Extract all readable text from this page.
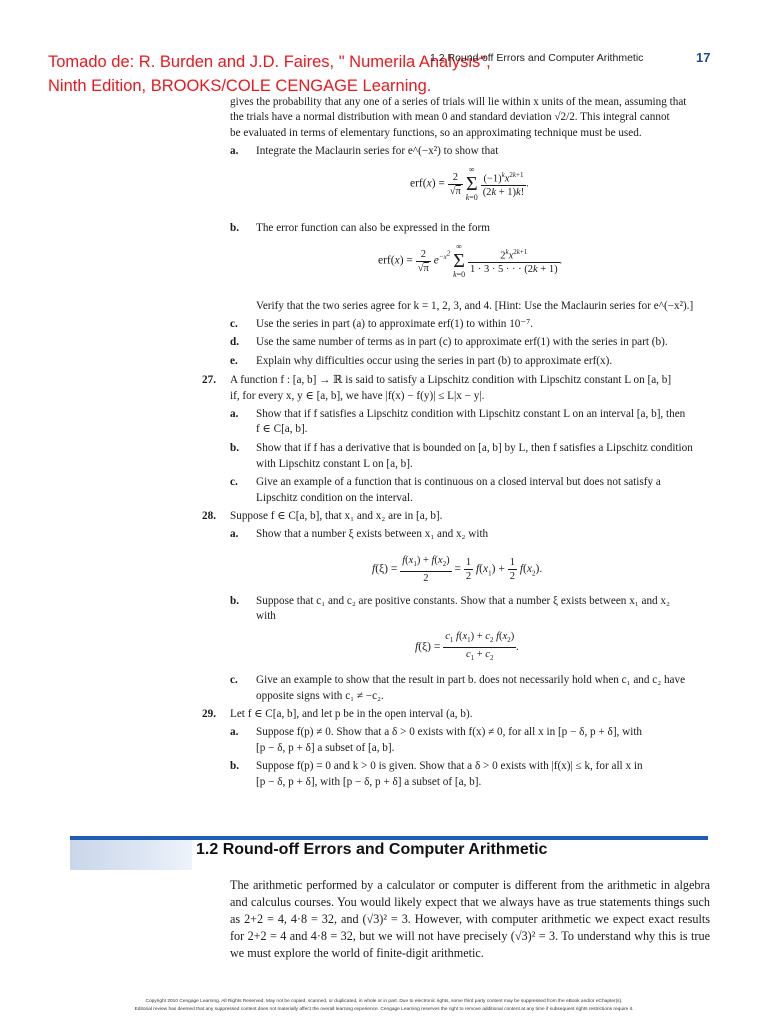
Tomado de: R. Burden and J.D. Faires, " Numerila Analysis",
Ninth Edition, BROOKS/COLE CENGAGE Learning.
1.2 Round-off Errors and Computer Arithmetic	17
gives the probability that any one of a series of trials will lie within x units of the mean, assuming that
the trials have a normal distribution with mean 0 and standard deviation √2/2. This integral cannot
be evaluated in terms of elementary functions, so an approximating technique must be used.
a. Integrate the Maclaurin series for e^(−x²) to show that
$erf(x) = \frac{2}{√\pi}$
∞
Σ
$k=0 \frac{(-1)^kx^{2k+1}}{(2k + 1)k!}$ .
b. The error function can also be expressed in the form
$erf(x) = \frac{2}{√\pi} e^{-x^2}$ ∞
Σ
$k=0 \frac{2^kx^{2k+1}}{1 \cdot 3 \cdot 5 \cdot \cdot \cdot (2k + 1)}$ .
Verify that the two series agree for k = 1, 2, 3, and 4. [Hint: Use the Maclaurin series for e^(−x²).]
c. Use the series in part (a) to approximate erf(1) to within 10⁻⁷.
d. Use the same number of terms as in part (c) to approximate erf(1) with the series in part (b).
e. Explain why difficulties occur using the series in part (b) to approximate erf(x).
27. A function f : [a, b] → ℝ is said to satisfy a Lipschitz condition with Lipschitz constant L on [a, b]
if, for every x, y ∈ [a, b], we have |f(x) − f(y)| ≤ L|x − y|.
a. Show that if f satisfies a Lipschitz condition with Lipschitz constant L on an interval [a, b], then
f ∈ C[a, b].
b. Show that if f has a derivative that is bounded on [a, b] by L, then f satisfies a Lipschitz condition
with Lipschitz constant L on [a, b].
c. Give an example of a function that is continuous on a closed interval but does not satisfy a
Lipschitz condition on the interval.
28. Suppose f ∈ C[a, b], that x₁ and x₂ are in [a, b].
a. Show that a number ξ exists between x₁ and x₂ with
$f(\xi) = \frac{f(x_1) + f(x_2)}{2} = \frac{1}{2} f(x_1) + \frac{1}{2} f(x_2)$.
b. Suppose that c₁ and c₂ are positive constants. Show that a number ξ exists between x₁ and x₂
with
$f(\xi) = \frac{c_1 f(x_1) + c_2 f(x_2)}{c_1 + c_2}$ .
c. Give an example to show that the result in part b. does not necessarily hold when c₁ and c₂ have
opposite signs with c₁ ≠ −c₂.
29. Let f ∈ C[a, b], and let p be in the open interval (a, b).
a. Suppose f(p) ≠ 0. Show that a δ > 0 exists with f(x) ≠ 0, for all x in [p − δ, p + δ], with
[p − δ, p + δ] a subset of [a, b].
b. Suppose f(p) = 0 and k > 0 is given. Show that a δ > 0 exists with |f(x)| ≤ k, for all x in
[p − δ, p + δ], with [p − δ, p + δ] a subset of [a, b].
1.2 Round-off Errors and Computer Arithmetic
The arithmetic performed by a calculator or computer is different from the arithmetic in algebra and calculus courses. You would likely expect that we always have as true statements things such as 2+2 = 4, 4·8 = 32, and (√3)² = 3. However, with computer arithmetic we expect exact results for 2+2 = 4 and 4·8 = 32, but we will not have precisely (√3)² = 3. To understand why this is true we must explore the world of finite-digit arithmetic.
Copyright 2010 Cengage Learning. All Rights Reserved. May not be copied, scanned, or duplicated, in whole or in part. Due to electronic rights, some third party content may be suppressed from the eBook and/or eChapter(s).
Editorial review has deemed that any suppressed content does not materially affect the overall learning experience. Cengage Learning reserves the right to remove additional content at any time if subsequent rights restrictions require it.
